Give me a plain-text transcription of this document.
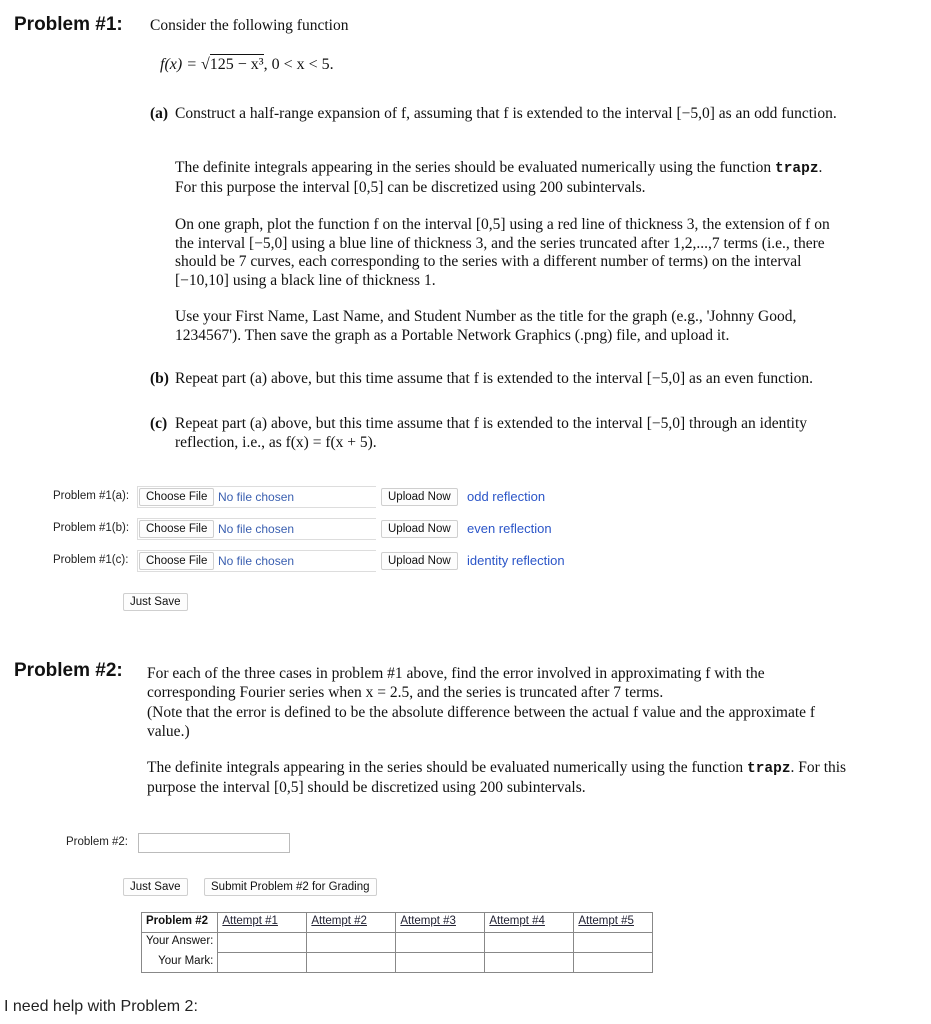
Problem #1: Consider the following function
f(x) = √125 − x³, 0 < x < 5.
(a) Construct a half-range expansion of f, assuming that f is extended to the interval [−5,0] as an odd function.
The definite integrals appearing in the series should be evaluated numerically using the function trapz. For this purpose the interval [0,5] can be discretized using 200 subintervals.
On one graph, plot the function f on the interval [0,5] using a red line of thickness 3, the extension of f on the interval [−5,0] using a blue line of thickness 3, and the series truncated after 1,2,...,7 terms (i.e., there should be 7 curves, each corresponding to the series with a different number of terms) on the interval [−10,10] using a black line of thickness 1.
Use your First Name, Last Name, and Student Number as the title for the graph (e.g., 'Johnny Good, 1234567'). Then save the graph as a Portable Network Graphics (.png) file, and upload it.
(b) Repeat part (a) above, but this time assume that f is extended to the interval [−5,0] as an even function.
(c) Repeat part (a) above, but this time assume that f is extended to the interval [−5,0] through an identity reflection, i.e., as f(x) = f(x + 5).
Problem #1(a):	Choose File No file chosen	Upload Now	odd reflection
Problem #1(b):	Choose File No file chosen	Upload Now	even reflection
Problem #1(c):	Choose File No file chosen	Upload Now	identity reflection
Just Save
Problem #2: For each of the three cases in problem #1 above, find the error involved in approximating f with the corresponding Fourier series when x = 2.5, and the series is truncated after 7 terms.
(Note that the error is defined to be the absolute difference between the actual f value and the approximate f value.)
The definite integrals appearing in the series should be evaluated numerically using the function trapz. For this purpose the interval [0,5] should be discretized using 200 subintervals.
Problem #2:
Just Save	Submit Problem #2 for Grading
Problem #2	Attempt #1	Attempt #2	Attempt #3	Attempt #4	Attempt #5
Your Answer:					
Your Mark:					
I need help with Problem 2:
